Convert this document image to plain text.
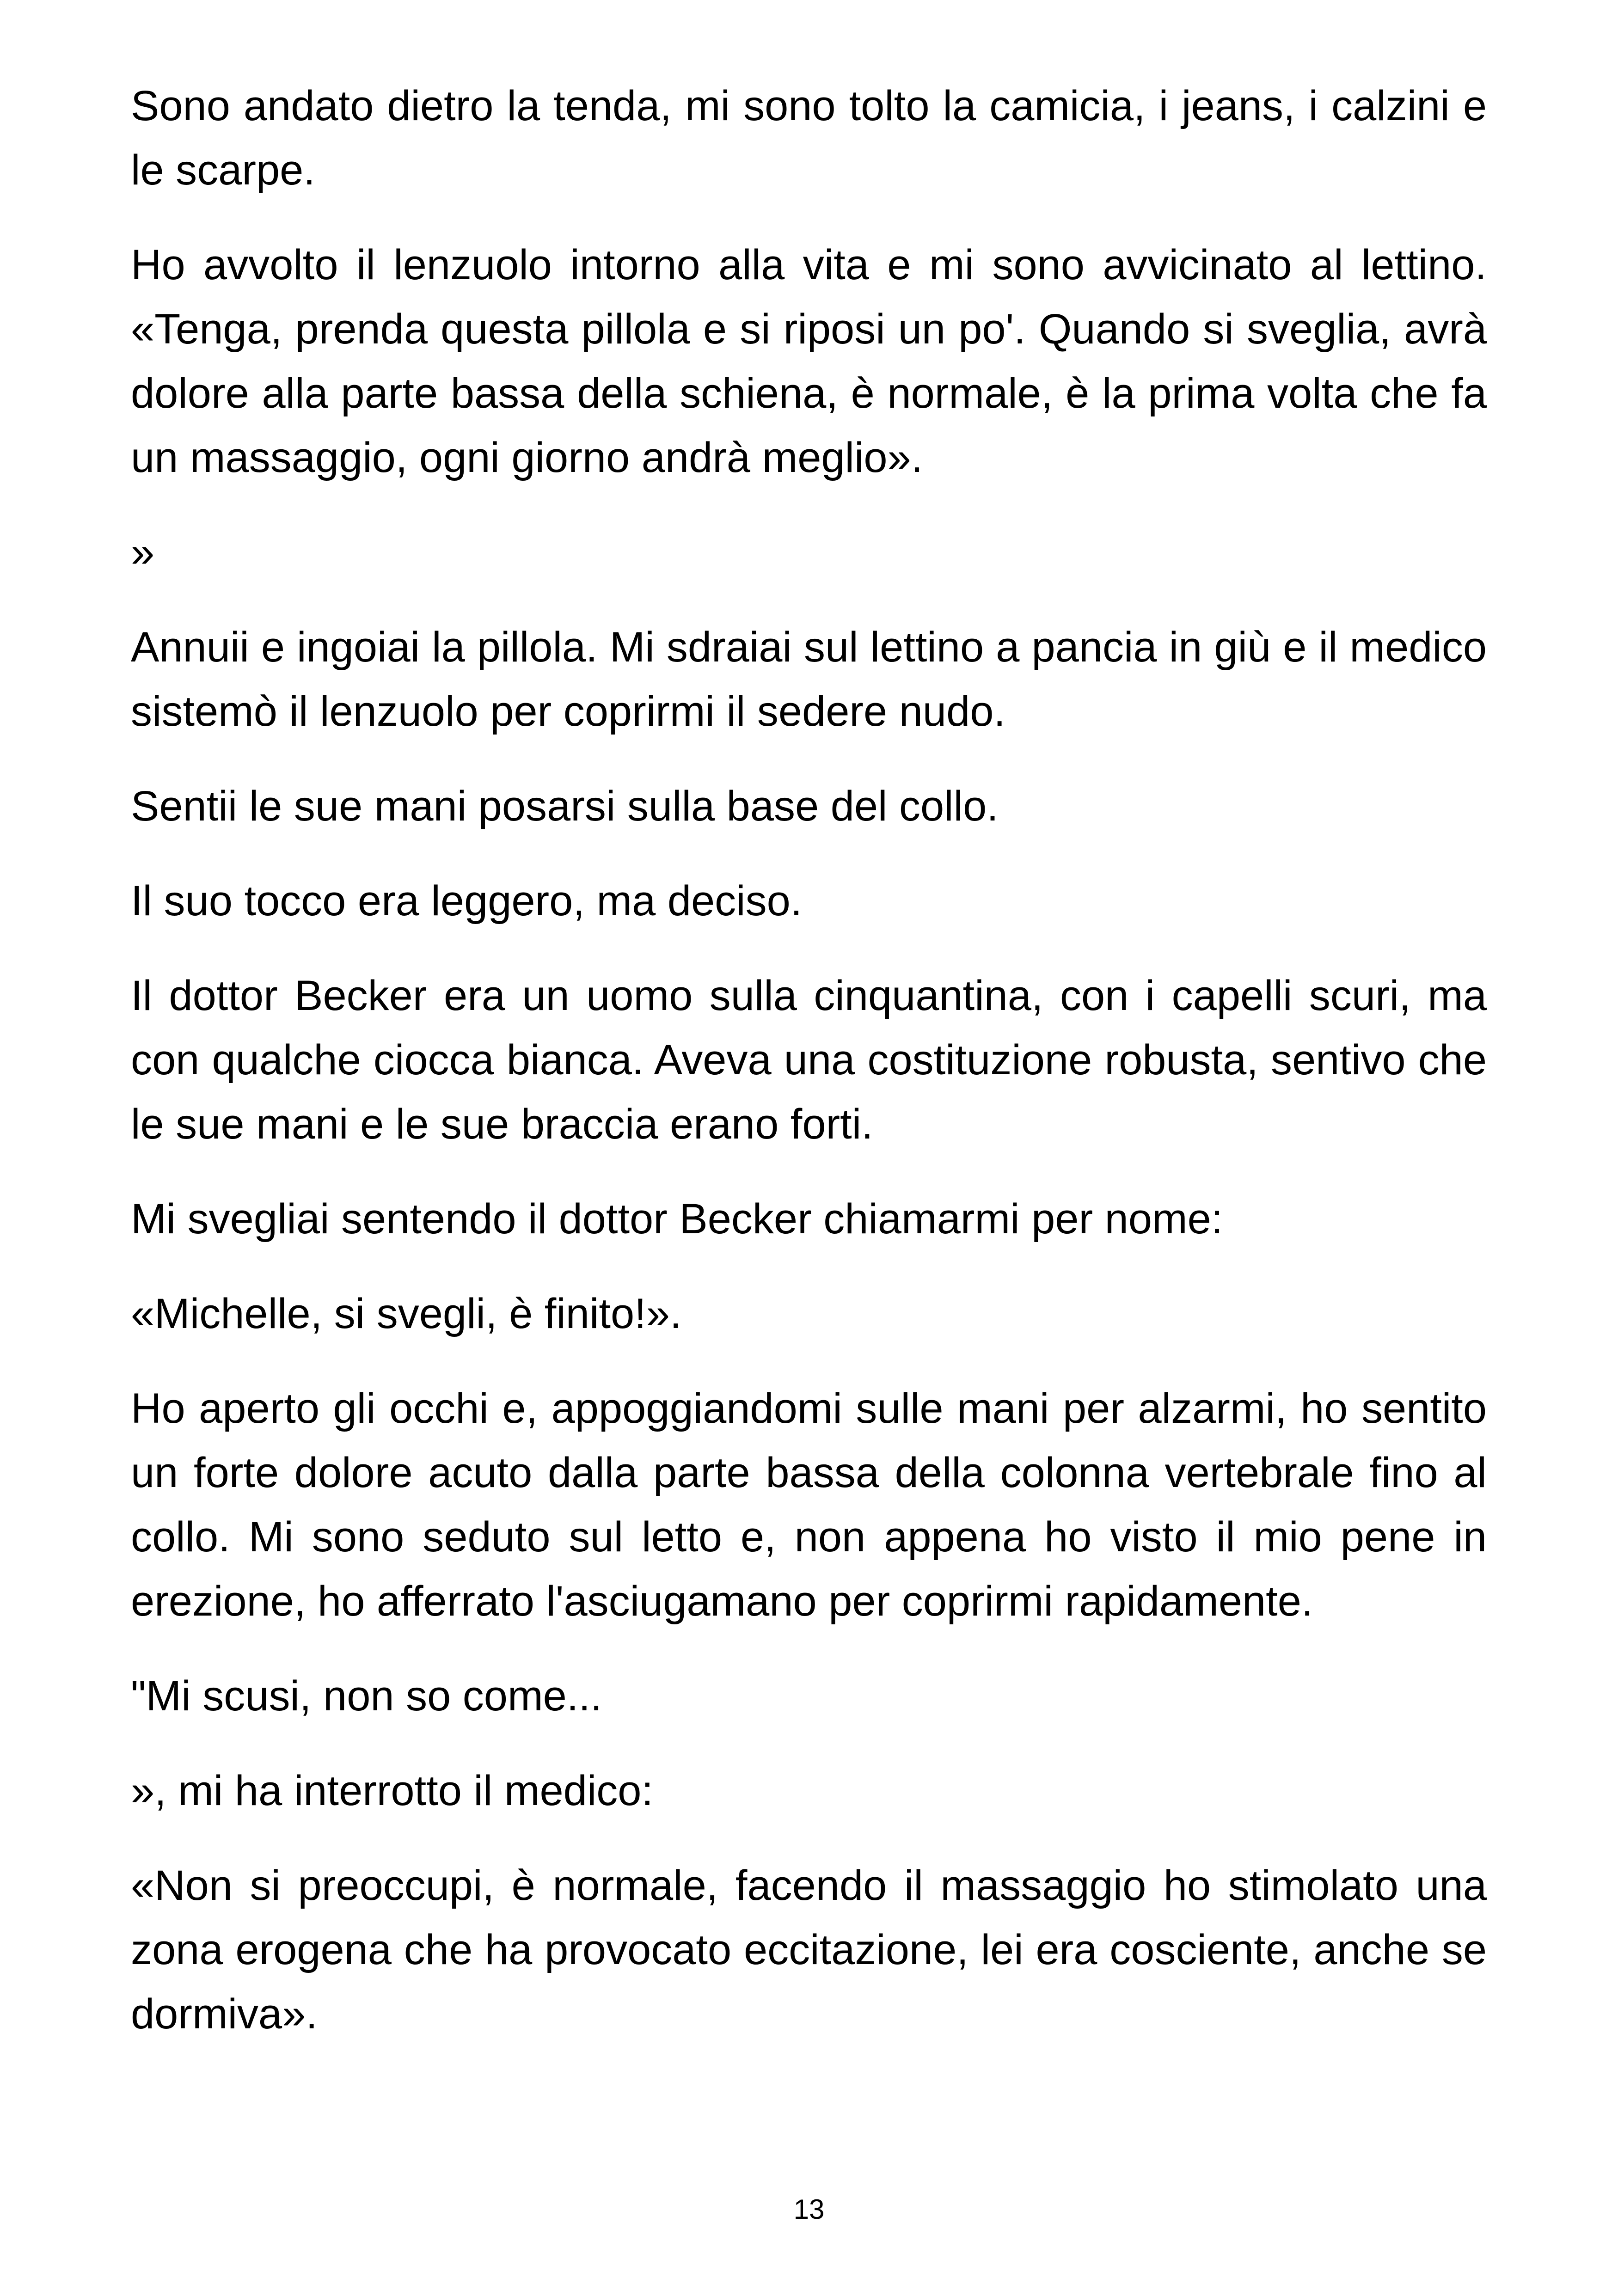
Sono andato dietro la tenda, mi sono tolto la camicia, i jeans, i calzini e le scarpe.

Ho avvolto il lenzuolo intorno alla vita e mi sono avvicinato al lettino. «Tenga, prenda questa pillola e si riposi un po'. Quando si sveglia, avrà dolore alla parte bassa della schiena, è normale, è la prima volta che fa un massaggio, ogni giorno andrà meglio».

»

Annuii e ingoiai la pillola. Mi sdraiai sul lettino a pancia in giù e il medico sistemò il lenzuolo per coprirmi il sedere nudo.

Sentii le sue mani posarsi sulla base del collo.

Il suo tocco era leggero, ma deciso.

Il dottor Becker era un uomo sulla cinquantina, con i capelli scuri, ma con qualche ciocca bianca. Aveva una costituzione robusta, sentivo che le sue mani e le sue braccia erano forti.

Mi svegliai sentendo il dottor Becker chiamarmi per nome:

«Michelle, si svegli, è finito!».

Ho aperto gli occhi e, appoggiandomi sulle mani per alzarmi, ho sentito un forte dolore acuto dalla parte bassa della colonna vertebrale fino al collo. Mi sono seduto sul letto e, non appena ho visto il mio pene in erezione, ho afferrato l'asciugamano per coprirmi rapidamente.

"Mi scusi, non so come...

», mi ha interrotto il medico:

«Non si preoccupi, è normale, facendo il massaggio ho stimolato una zona erogena che ha provocato eccitazione, lei era cosciente, anche se dormiva».

13
